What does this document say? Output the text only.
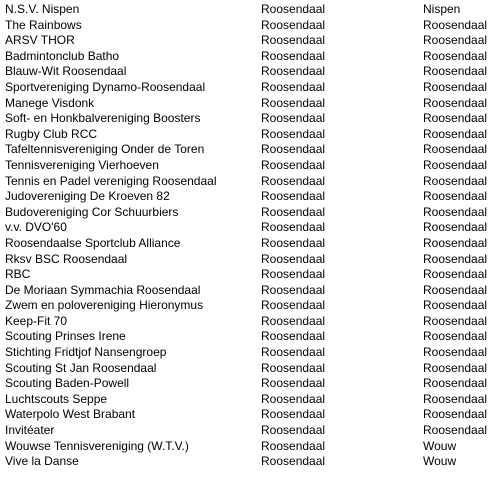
N.S.V. Nispen	Roosendaal	Nispen
The Rainbows	Roosendaal	Roosendaal
ARSV THOR	Roosendaal	Roosendaal
Badmintonclub Batho	Roosendaal	Roosendaal
Blauw-Wit Roosendaal	Roosendaal	Roosendaal
Sportvereniging Dynamo-Roosendaal	Roosendaal	Roosendaal
Manege Visdonk	Roosendaal	Roosendaal
Soft- en Honkbalvereniging Boosters	Roosendaal	Roosendaal
Rugby Club RCC	Roosendaal	Roosendaal
Tafeltennisvereniging Onder de Toren	Roosendaal	Roosendaal
Tennisvereniging Vierhoeven	Roosendaal	Roosendaal
Tennis en Padel vereniging Roosendaal	Roosendaal	Roosendaal
Judovereniging De Kroeven 82	Roosendaal	Roosendaal
Budovereniging Cor Schuurbiers	Roosendaal	Roosendaal
v.v. DVO'60	Roosendaal	Roosendaal
Roosendaalse Sportclub Alliance	Roosendaal	Roosendaal
Rksv BSC Roosendaal	Roosendaal	Roosendaal
RBC	Roosendaal	Roosendaal
De Moriaan Symmachia Roosendaal	Roosendaal	Roosendaal
Zwem en polovereniging Hieronymus	Roosendaal	Roosendaal
Keep-Fit 70	Roosendaal	Roosendaal
Scouting Prinses Irene	Roosendaal	Roosendaal
Stichting Fridtjof Nansengroep	Roosendaal	Roosendaal
Scouting St Jan Roosendaal	Roosendaal	Roosendaal
Scouting Baden-Powell	Roosendaal	Roosendaal
Luchtscouts Seppe	Roosendaal	Roosendaal
Waterpolo West Brabant	Roosendaal	Roosendaal
Invitéater	Roosendaal	Roosendaal
Wouwse Tennisvereniging (W.T.V.)	Roosendaal	Wouw
Vive la Danse	Roosendaal	Wouw
